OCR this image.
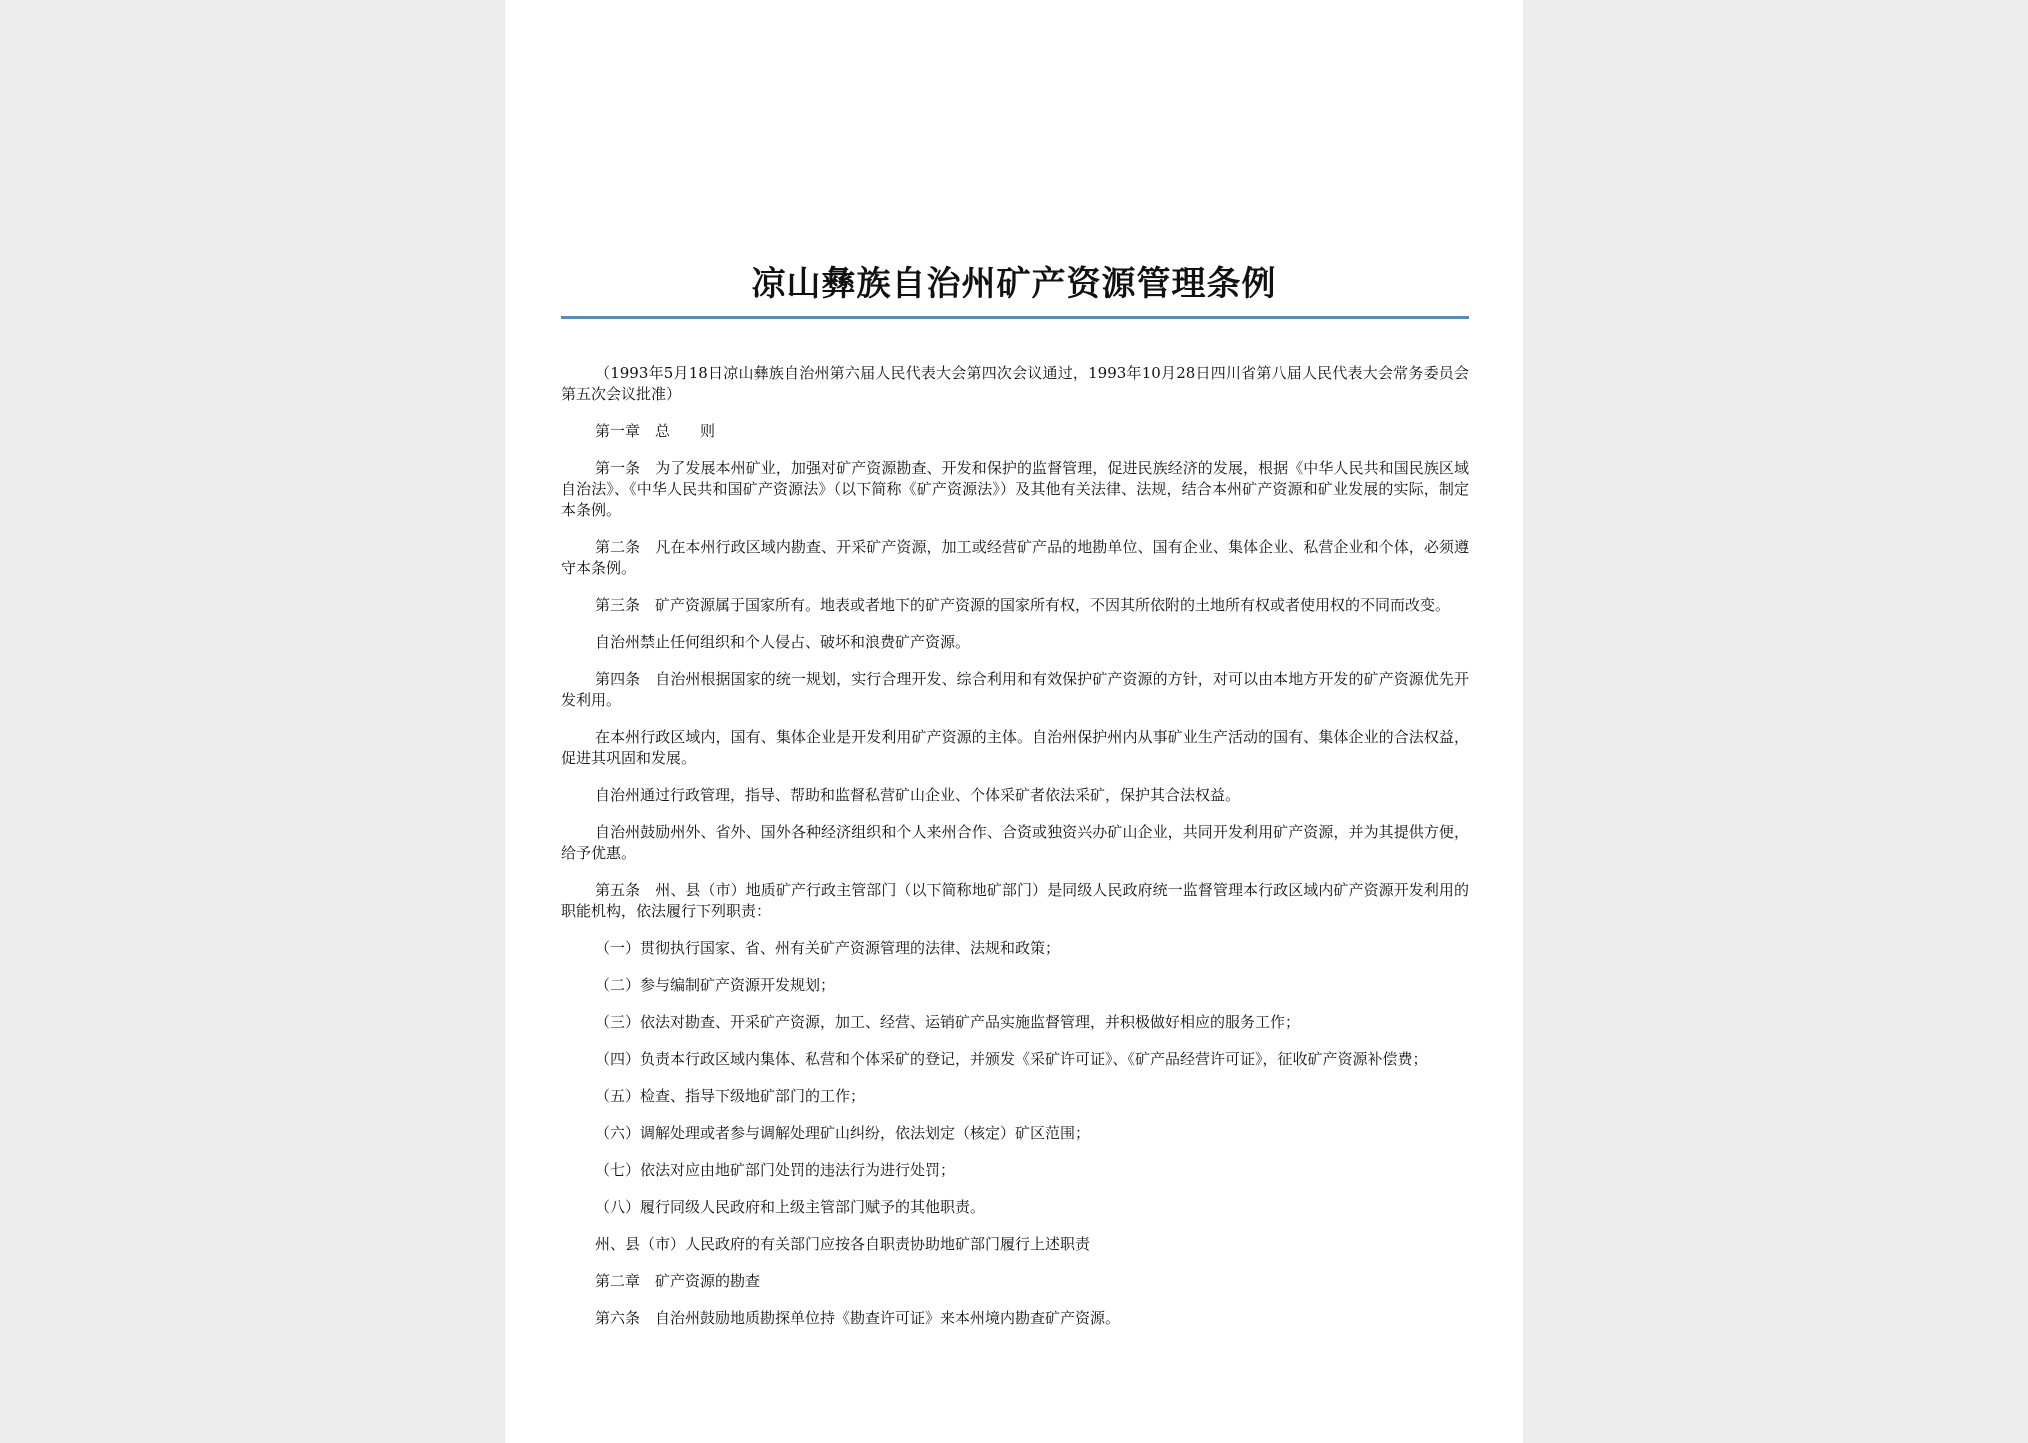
凉山彝族自治州矿产资源管理条例

（1993年5月18日凉山彝族自治州第六届人民代表大会第四次会议通过，1993年10月28日四川省第八届人民代表大会常务委员会第五次会议批准）

第一章　总　　则

第一条　为了发展本州矿业，加强对矿产资源勘查、开发和保护的监督管理，促进民族经济的发展，根据《中华人民共和国民族区域自治法》、《中华人民共和国矿产资源法》（以下简称《矿产资源法》）及其他有关法律、法规，结合本州矿产资源和矿业发展的实际，制定本条例。

第二条　凡在本州行政区域内勘查、开采矿产资源，加工或经营矿产品的地勘单位、国有企业、集体企业、私营企业和个体，必须遵守本条例。

第三条　矿产资源属于国家所有。地表或者地下的矿产资源的国家所有权，不因其所依附的土地所有权或者使用权的不同而改变。

自治州禁止任何组织和个人侵占、破坏和浪费矿产资源。

第四条　自治州根据国家的统一规划，实行合理开发、综合利用和有效保护矿产资源的方针，对可以由本地方开发的矿产资源优先开发利用。

在本州行政区域内，国有、集体企业是开发利用矿产资源的主体。自治州保护州内从事矿业生产活动的国有、集体企业的合法权益，促进其巩固和发展。

自治州通过行政管理，指导、帮助和监督私营矿山企业、个体采矿者依法采矿，保护其合法权益。

自治州鼓励州外、省外、国外各种经济组织和个人来州合作、合资或独资兴办矿山企业，共同开发利用矿产资源，并为其提供方便，给予优惠。

第五条　州、县（市）地质矿产行政主管部门（以下简称地矿部门）是同级人民政府统一监督管理本行政区域内矿产资源开发利用的职能机构，依法履行下列职责：

（一）贯彻执行国家、省、州有关矿产资源管理的法律、法规和政策；

（二）参与编制矿产资源开发规划；

（三）依法对勘查、开采矿产资源，加工、经营、运销矿产品实施监督管理，并积极做好相应的服务工作；

（四）负责本行政区域内集体、私营和个体采矿的登记，并颁发《采矿许可证》、《矿产品经营许可证》，征收矿产资源补偿费；

（五）检查、指导下级地矿部门的工作；

（六）调解处理或者参与调解处理矿山纠纷，依法划定（核定）矿区范围；

（七）依法对应由地矿部门处罚的违法行为进行处罚；

（八）履行同级人民政府和上级主管部门赋予的其他职责。

州、县（市）人民政府的有关部门应按各自职责协助地矿部门履行上述职责

第二章　矿产资源的勘查

第六条　自治州鼓励地质勘探单位持《勘查许可证》来本州境内勘查矿产资源。
